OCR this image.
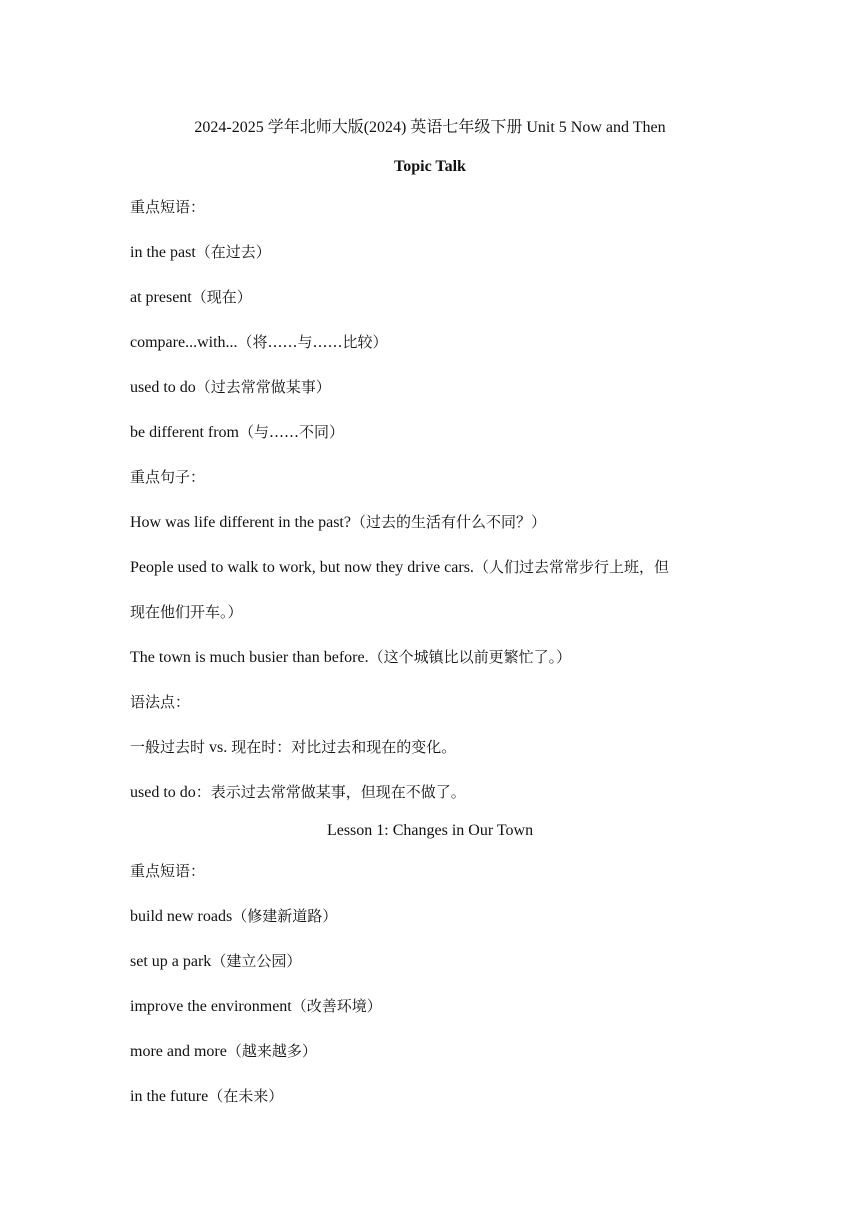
2024-2025 学年北师大版(2024) 英语七年级下册 Unit 5 Now and Then
Topic Talk
重点短语：
in the past（在过去）
at present（现在）
compare...with...（将……与……比较）
used to do（过去常常做某事）
be different from（与……不同）
重点句子：
How was life different in the past?（过去的生活有什么不同？）
People used to walk to work, but now they drive cars.（人们过去常常步行上班，但
现在他们开车。）
The town is much busier than before.（这个城镇比以前更繁忙了。）
语法点：
一般过去时 vs. 现在时：对比过去和现在的变化。
used to do：表示过去常常做某事，但现在不做了。
Lesson 1: Changes in Our Town
重点短语：
build new roads（修建新道路）
set up a park（建立公园）
improve the environment（改善环境）
more and more（越来越多）
in the future（在未来）
